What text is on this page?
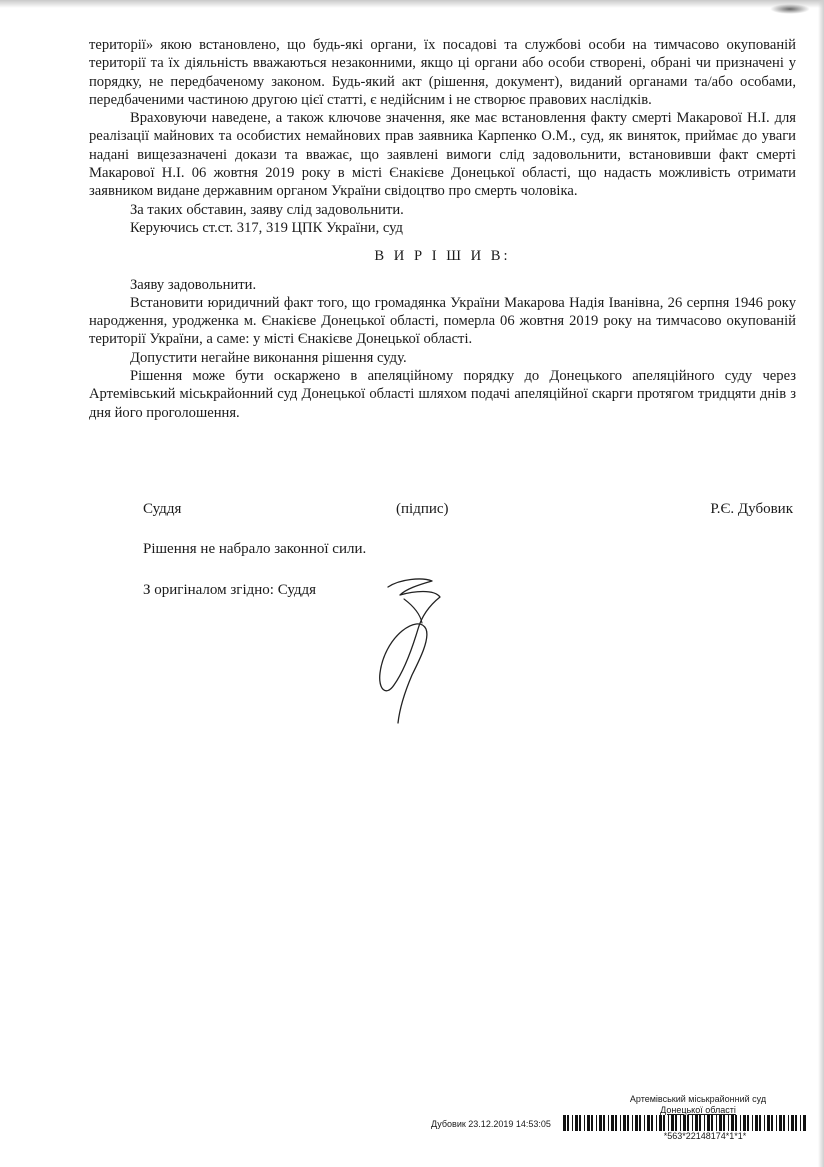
території» якою встановлено, що будь-які органи, їх посадові та службові особи на тимчасово окупованій території та їх діяльність вважаються незаконними, якщо ці органи або особи створені, обрані чи призначені у порядку, не передбаченому законом. Будь-який акт (рішення, документ), виданий органами та/або особами, передбаченими частиною другою цієї статті, є недійсним і не створює правових наслідків.

Враховуючи наведене, а також ключове значення, яке має встановлення факту смерті Макарової Н.І. для реалізації майнових та особистих немайнових прав заявника Карпенко О.М., суд, як виняток, приймає до уваги надані вищезазначені докази та вважає, що заявлені вимоги слід задовольнити, встановивши факт смерті Макарової Н.І. 06 жовтня 2019 року в місті Єнакієве Донецької області, що надасть можливість отримати заявником видане державним органом України свідоцтво про смерть чоловіка.

За таких обставин, заяву слід задовольнити.

Керуючись ст.ст. 317, 319 ЦПК України, суд

В И Р І Ш И В:

Заяву задовольнити.

Встановити юридичний факт того, що громадянка України Макарова Надія Іванівна, 26 серпня 1946 року народження, уродженка м. Єнакієве Донецької області, померла 06 жовтня 2019 року на тимчасово окупованій території України, а саме: у місті Єнакієве Донецької області.

Допустити негайне виконання рішення суду.

Рішення може бути оскаржено в апеляційному порядку до Донецького апеляційного суду через Артемівський міськрайонний суд Донецької області шляхом подачі апеляційної скарги протягом тридцяти днів з дня його проголошення.

Суддя	(підпис)	Р.Є. Дубовик
Рішення не набрало законної сили.
З оригіналом згідно: Суддя
Артемівський міськрайонний суд
Донецької області
Дубовик 23.12.2019 14:53:05
*563*22148174*1*1*
